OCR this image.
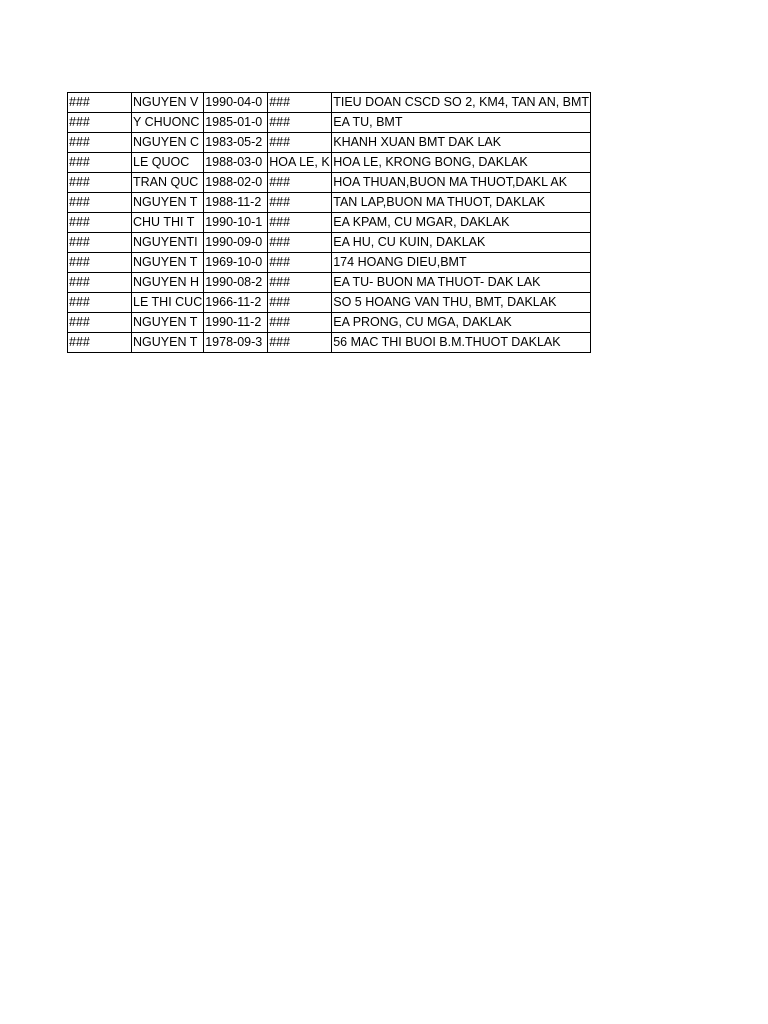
###	NGUYEN V	1990-04-0	###	TIEU DOAN CSCD SO 2, KM4, TAN AN, BMT
###	Y CHUONC	1985-01-0	###	EA TU, BMT
###	NGUYEN C	1983-05-2	###	KHANH XUAN BMT DAK LAK
###	LE QUOC	1988-03-0	HOA LE, K	HOA LE, KRONG BONG, DAKLAK
###	TRAN QUC	1988-02-0	###	HOA THUAN,BUON MA THUOT,DAKL AK
###	NGUYEN T	1988-11-2	###	TAN LAP,BUON MA THUOT, DAKLAK
###	CHU THI T	1990-10-1	###	EA KPAM, CU MGAR, DAKLAK
###	NGUYENTI	1990-09-0	###	EA HU, CU KUIN, DAKLAK
###	NGUYEN T	1969-10-0	###	174 HOANG DIEU,BMT
###	NGUYEN H	1990-08-2	###	EA TU- BUON MA THUOT- DAK LAK
###	LE THI CUC	1966-11-2	###	SO 5 HOANG VAN THU, BMT, DAKLAK
###	NGUYEN T	1990-11-2	###	EA PRONG, CU MGA, DAKLAK
###	NGUYEN T	1978-09-3	###	56 MAC THI BUOI B.M.THUOT DAKLAK
